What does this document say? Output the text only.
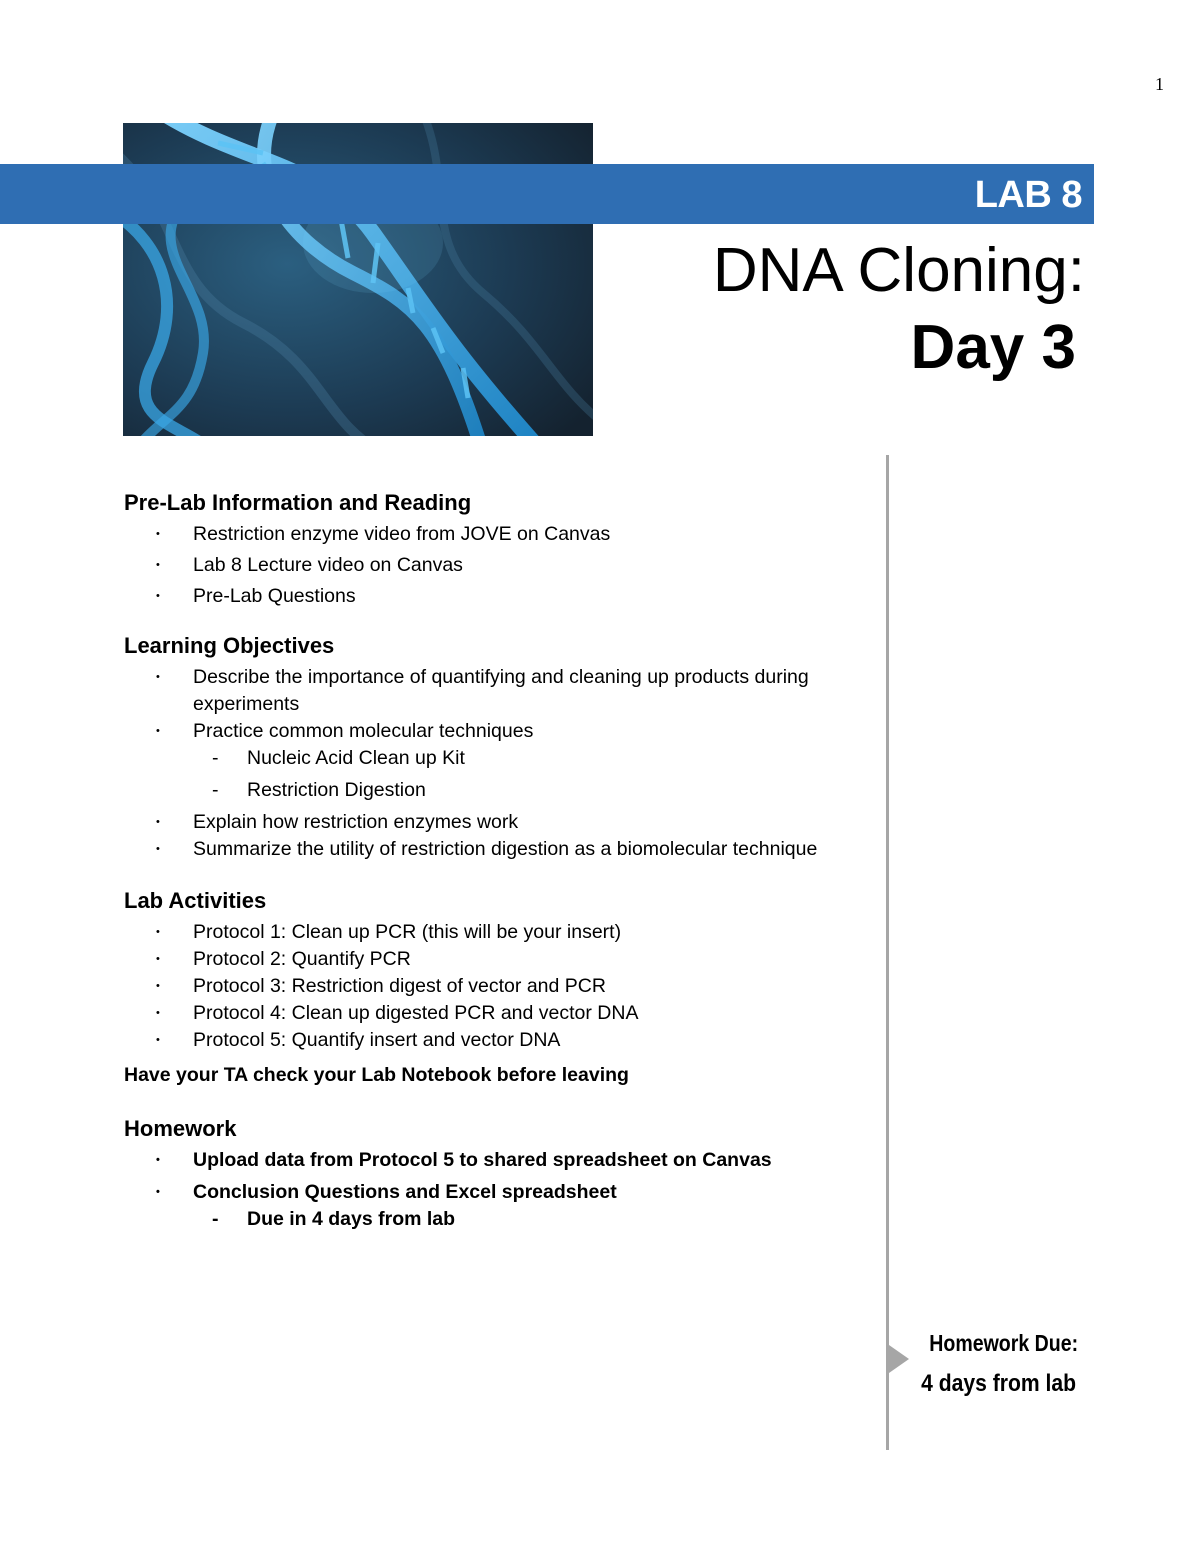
1
LAB 8
DNA Cloning:
Day 3
Homework Due:
4 days from lab
Pre-Lab Information and Reading
• Restriction enzyme video from JOVE on Canvas
• Lab 8 Lecture video on Canvas
• Pre-Lab Questions
Learning Objectives
• Describe the importance of quantifying and cleaning up products during experiments
• Practice common molecular techniques
- Nucleic Acid Clean up Kit
- Restriction Digestion
• Explain how restriction enzymes work
• Summarize the utility of restriction digestion as a biomolecular technique
Lab Activities
• Protocol 1: Clean up PCR (this will be your insert)
• Protocol 2: Quantify PCR
• Protocol 3: Restriction digest of vector and PCR
• Protocol 4: Clean up digested PCR and vector DNA
• Protocol 5: Quantify insert and vector DNA

Have your TA check your Lab Notebook before leaving

Homework
• Upload data from Protocol 5 to shared spreadsheet on Canvas
• Conclusion Questions and Excel spreadsheet
- Due in 4 days from lab
